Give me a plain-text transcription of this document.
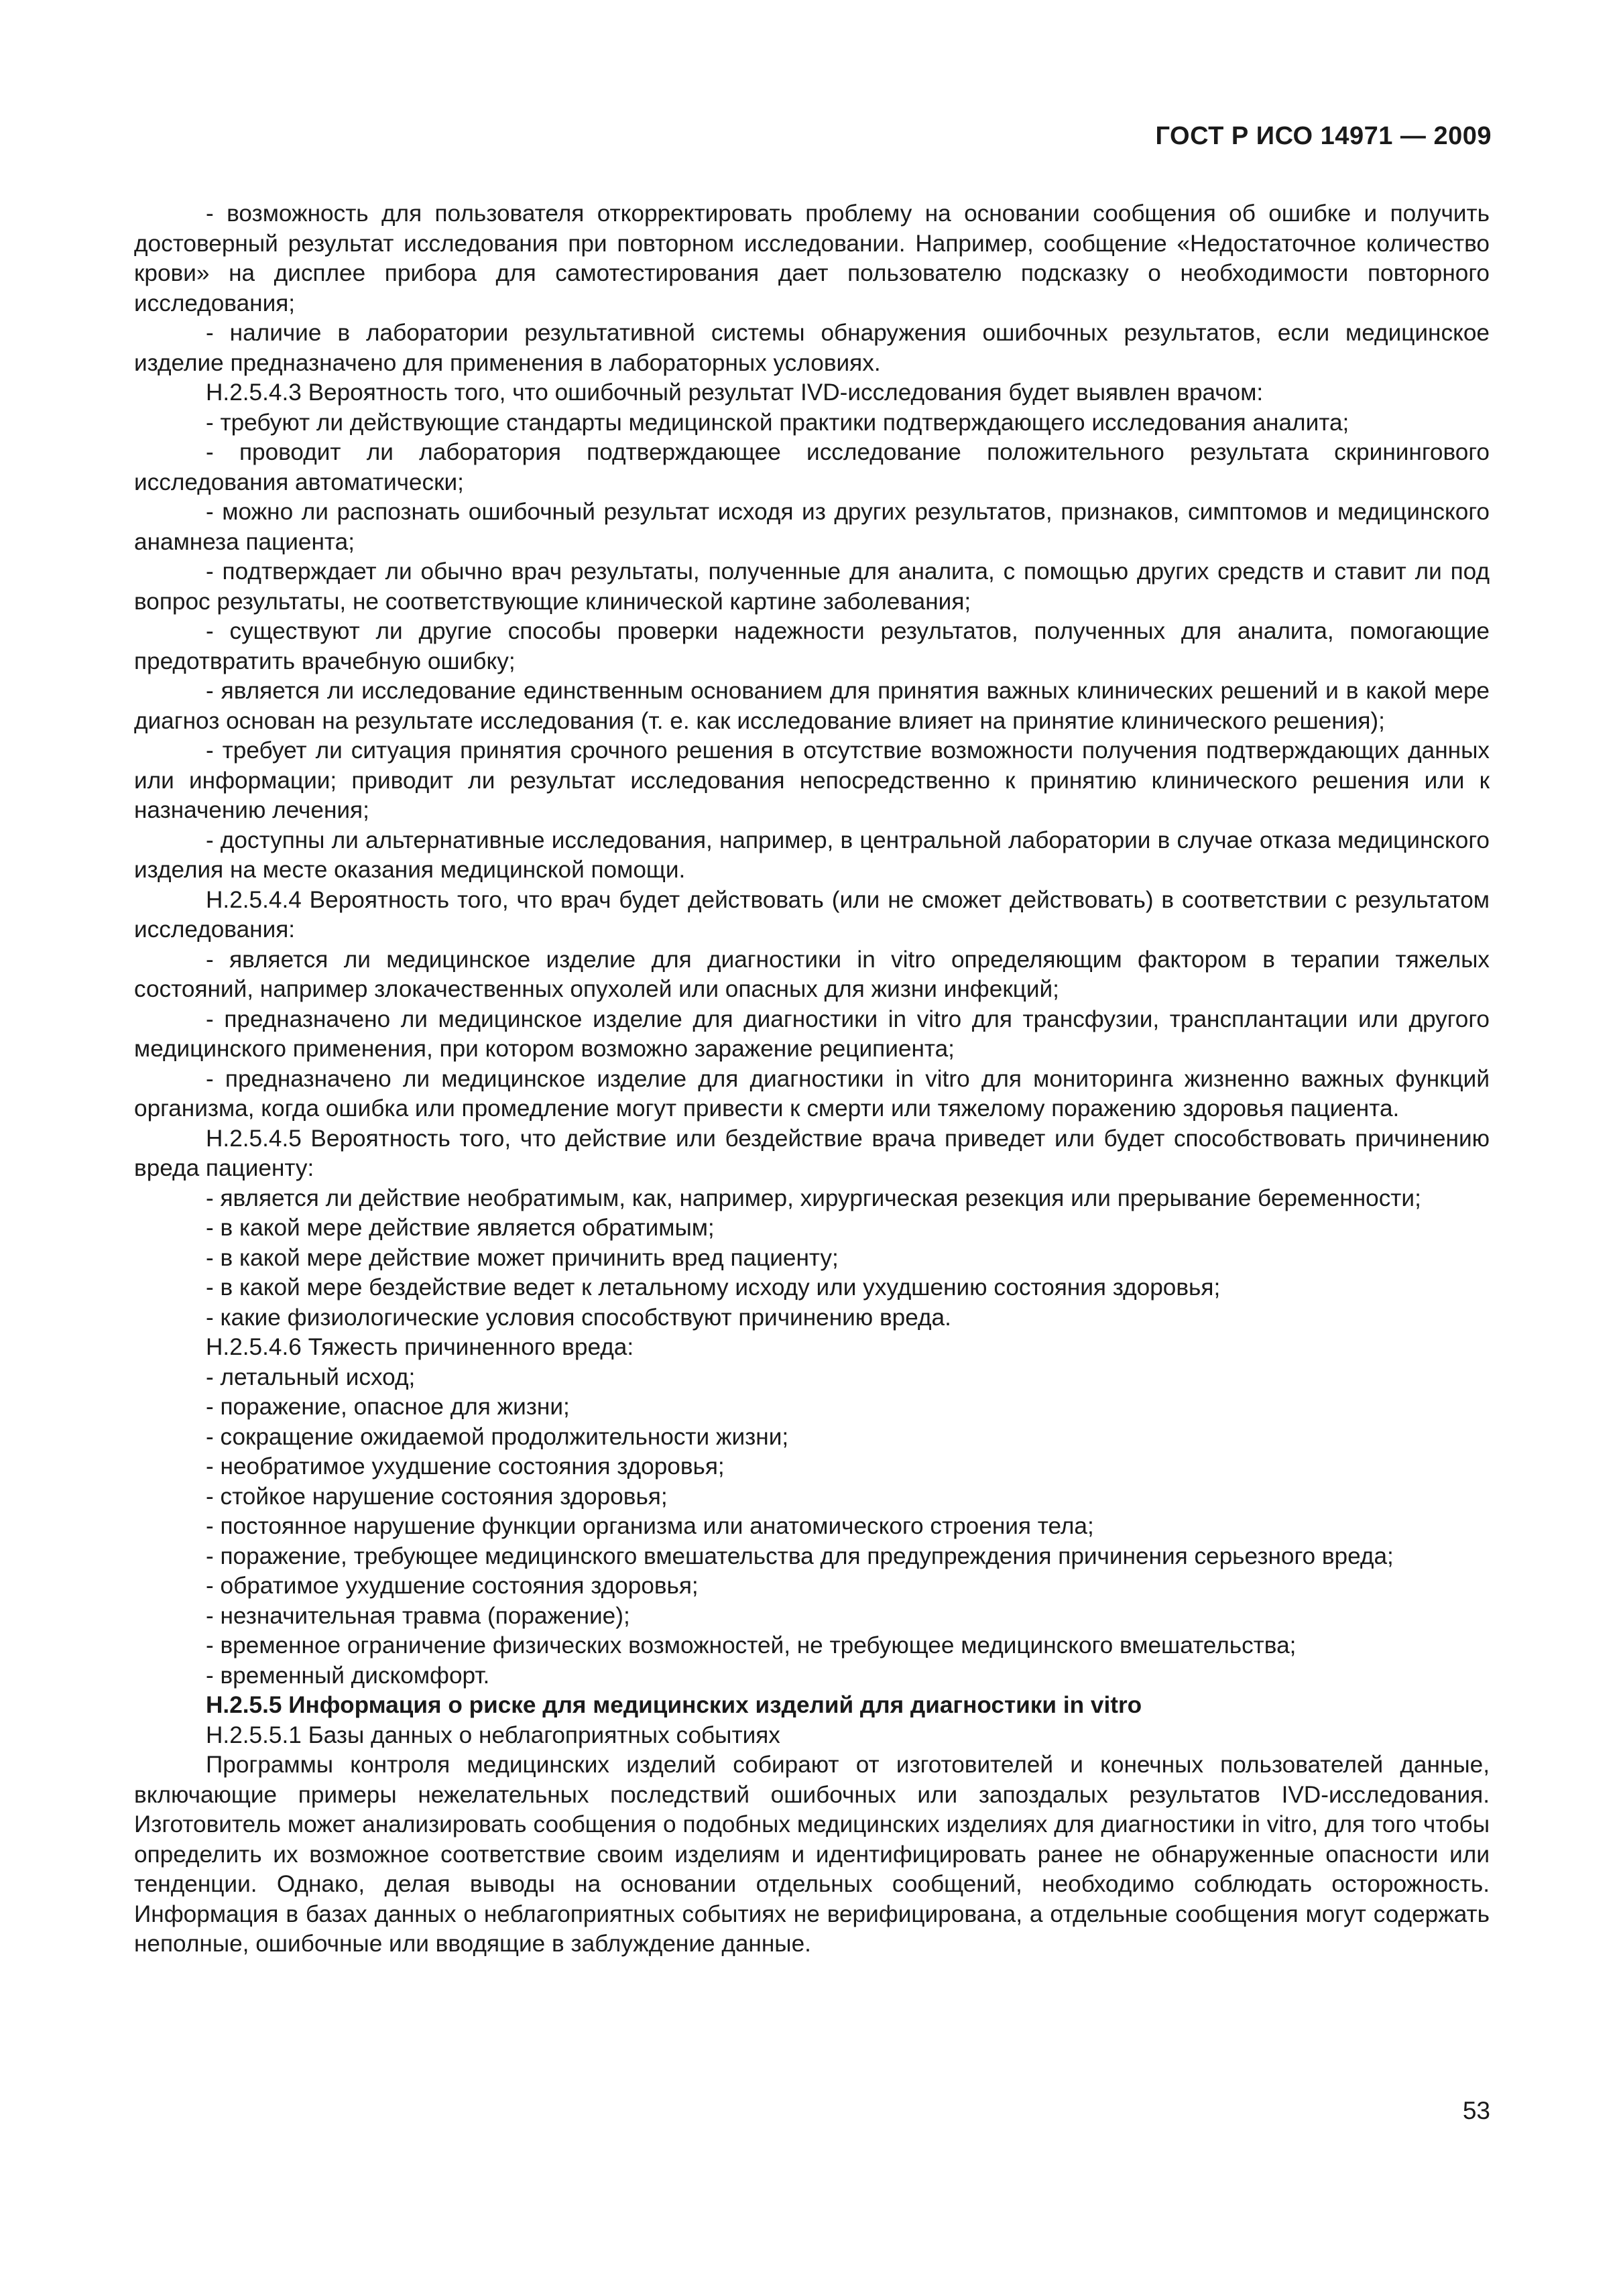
ГОСТ Р ИСО 14971 — 2009

- возможность для пользователя откорректировать проблему на основании сообщения об ошибке и получить достоверный результат исследования при повторном исследовании. Например, сообщение «Недостаточное количество крови» на дисплее прибора для самотестирования дает пользователю подсказку о необходимости повторного исследования;

- наличие в лаборатории результативной системы обнаружения ошибочных результатов, если медицинское изделие предназначено для применения в лабораторных условиях.

Н.2.5.4.3 Вероятность того, что ошибочный результат IVD-исследования будет выявлен врачом:

- требуют ли действующие стандарты медицинской практики подтверждающего исследования аналита;

- проводит ли лаборатория подтверждающее исследование положительного результата скринингового исследования автоматически;

- можно ли распознать ошибочный результат исходя из других результатов, признаков, симптомов и медицинского анамнеза пациента;

- подтверждает ли обычно врач результаты, полученные для аналита, с помощью других средств и ставит ли под вопрос результаты, не соответствующие клинической картине заболевания;

- существуют ли другие способы проверки надежности результатов, полученных для аналита, помогающие предотвратить врачебную ошибку;

- является ли исследование единственным основанием для принятия важных клинических решений и в какой мере диагноз основан на результате исследования (т. е. как исследование влияет на принятие клинического решения);

- требует ли ситуация принятия срочного решения в отсутствие возможности получения подтверждающих данных или информации; приводит ли результат исследования непосредственно к принятию клинического решения или к назначению лечения;

- доступны ли альтернативные исследования, например, в центральной лаборатории в случае отказа медицинского изделия на месте оказания медицинской помощи.

Н.2.5.4.4 Вероятность того, что врач будет действовать (или не сможет действовать) в соответствии с результатом исследования:

- является ли медицинское изделие для диагностики in vitro определяющим фактором в терапии тяжелых состояний, например злокачественных опухолей или опасных для жизни инфекций;

- предназначено ли медицинское изделие для диагностики in vitro для трансфузии, трансплантации или другого медицинского применения, при котором возможно заражение реципиента;

- предназначено ли медицинское изделие для диагностики in vitro для мониторинга жизненно важных функций организма, когда ошибка или промедление могут привести к смерти или тяжелому поражению здоровья пациента.

Н.2.5.4.5 Вероятность того, что действие или бездействие врача приведет или будет способствовать причинению вреда пациенту:

- является ли действие необратимым, как, например, хирургическая резекция или прерывание беременности;

- в какой мере действие является обратимым;

- в какой мере действие может причинить вред пациенту;

- в какой мере бездействие ведет к летальному исходу или ухудшению состояния здоровья;

- какие физиологические условия способствуют причинению вреда.

Н.2.5.4.6 Тяжесть причиненного вреда:

- летальный исход;

- поражение, опасное для жизни;

- сокращение ожидаемой продолжительности жизни;

- необратимое ухудшение состояния здоровья;

- стойкое нарушение состояния здоровья;

- постоянное нарушение функции организма или анатомического строения тела;

- поражение, требующее медицинского вмешательства для предупреждения причинения серьезного вреда;

- обратимое ухудшение состояния здоровья;

- незначительная травма (поражение);

- временное ограничение физических возможностей, не требующее медицинского вмешательства;

- временный дискомфорт.

Н.2.5.5 Информация о риске для медицинских изделий для диагностики in vitro

Н.2.5.5.1 Базы данных о неблагоприятных событиях

Программы контроля медицинских изделий собирают от изготовителей и конечных пользователей данные, включающие примеры нежелательных последствий ошибочных или запоздалых результатов IVD-исследования. Изготовитель может анализировать сообщения о подобных медицинских изделиях для диагностики in vitro, для того чтобы определить их возможное соответствие своим изделиям и идентифицировать ранее не обнаруженные опасности или тенденции. Однако, делая выводы на основании отдельных сообщений, необходимо соблюдать осторожность. Информация в базах данных о неблагоприятных событиях не верифицирована, а отдельные сообщения могут содержать неполные, ошибочные или вводящие в заблуждение данные.

53
